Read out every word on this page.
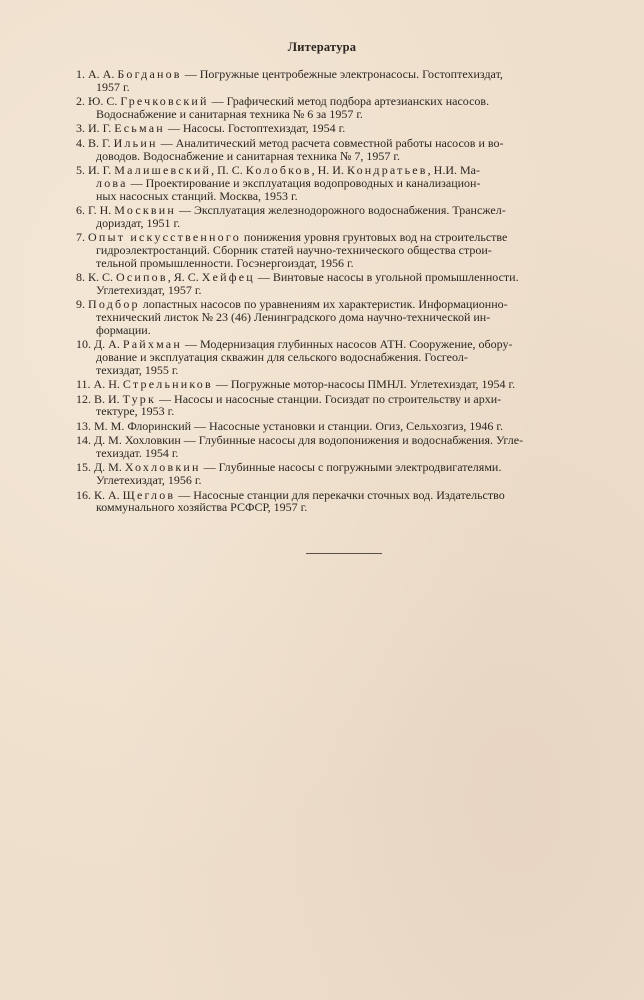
Литература
1. А. А. Богданов — Погружные центробежные электронасосы. Гостоптехиздат,
1957 г.
2. Ю. С. Гречковский — Графический метод подбора артезианских насосов.
Водоснабжение и санитарная техника № 6 за 1957 г.
3. И. Г. Есьман — Насосы. Гостоптехиздат, 1954 г.
4. В. Г. Ильин — Аналитический метод расчета совместной работы насосов и во-
доводов. Водоснабжение и санитарная техника № 7, 1957 г.
5. И. Г. Малишевский, П. С. Колобков, Н. И. Кондратьев, Н.И. Ма-
лова — Проектирование и эксплуатация водопроводных и канализацион-
ных насосных станций. Москва, 1953 г.
6. Г. Н. Москвин — Эксплуатация железнодорожного водоснабжения. Трансжел-
дориздат, 1951 г.
7. Опыт искусственного понижения уровня грунтовых вод на строительстве
гидроэлектростанций. Сборник статей научно-технического общества строи-
тельной промышленности. Госэнергоиздат, 1956 г.
8. К. С. Осипов, Я. С. Хейфец — Винтовые насосы в угольной промышленности.
Углетехиздат, 1957 г.
9. Подбор лопастных насосов по уравнениям их характеристик. Информационно-
технический листок № 23 (46) Ленинградского дома научно-технической ин-
формации.
10. Д. А. Райхман — Модернизация глубинных насосов АТН. Сооружение, обору-
дование и эксплуатация скважин для сельского водоснабжения. Госгеол-
техиздат, 1955 г.
11. А. Н. Стрельников — Погружные мотор-насосы ПМНЛ. Углетехиздат, 1954 г.
12. В. И. Турк — Насосы и насосные станции. Госиздат по строительству и архи-
тектуре, 1953 г.
13. М. М. Флоринский — Насосные установки и станции. Огиз, Сельхозгиз, 1946 г.
14. Д. М. Хохловкин — Глубинные насосы для водопонижения и водоснабжения. Угле-
техиздат. 1954 г.
15. Д. М. Хохловкин — Глубинные насосы с погружными электродвигателями.
Углетехиздат, 1956 г.
16. К. А. Щеглов — Насосные станции для перекачки сточных вод. Издательство
коммунального хозяйства РСФСР, 1957 г.
